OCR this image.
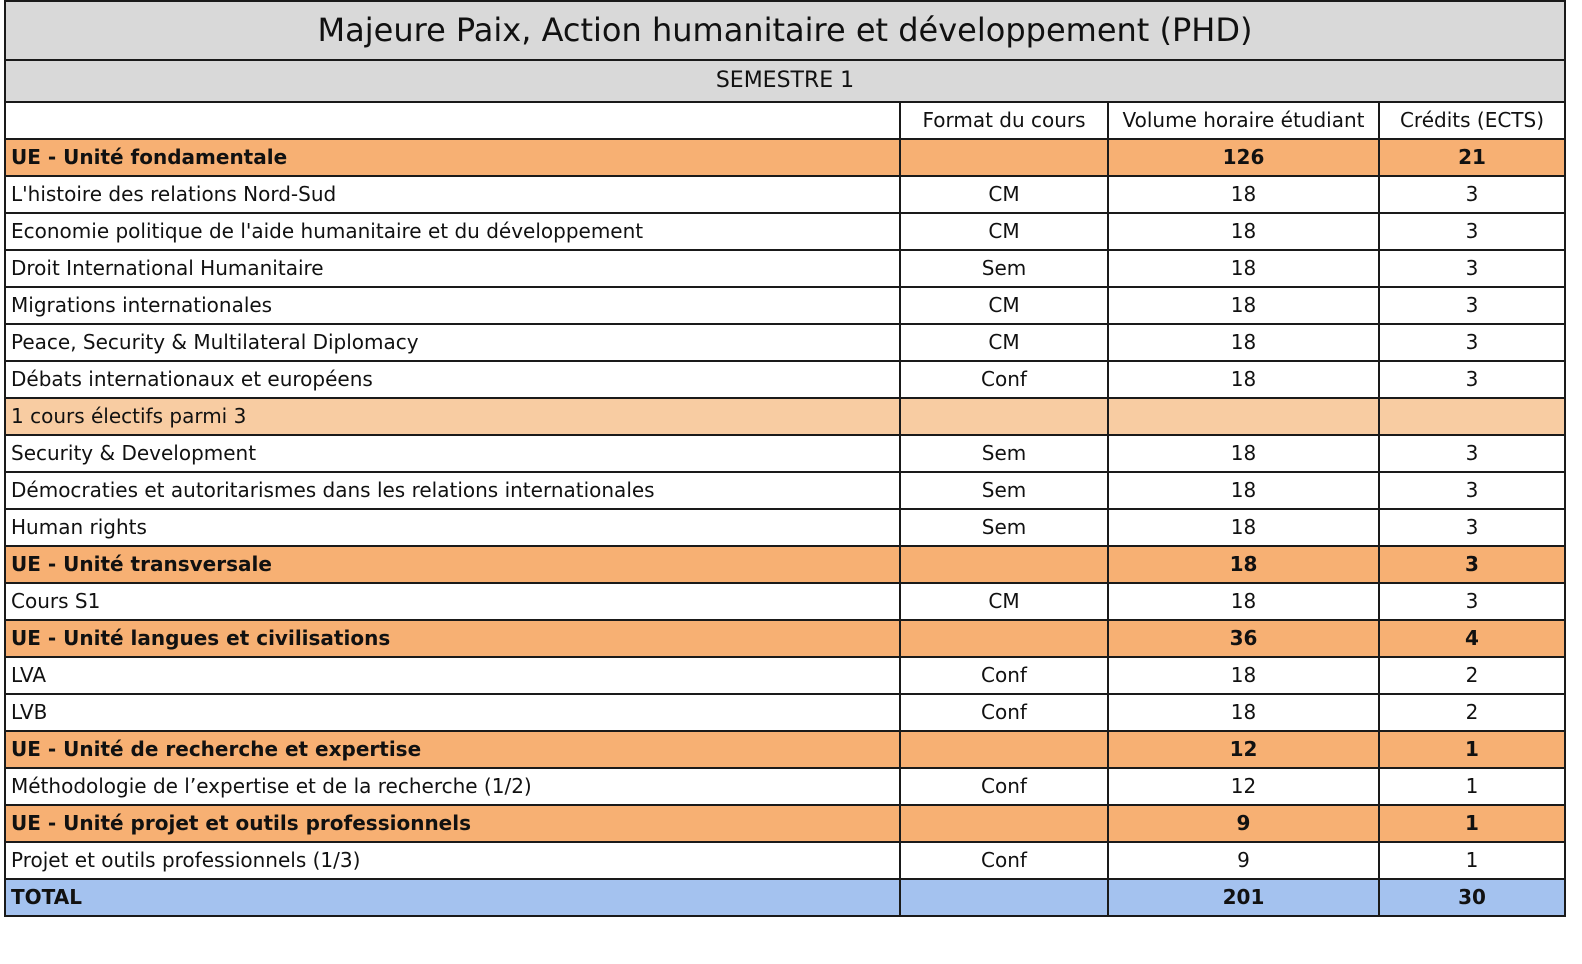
Majeure Paix, Action humanitaire et développement (PHD)			
SEMESTRE 1			
	Format du cours	Volume horaire étudiant	Crédits (ECTS)
UE - Unité fondamentale		126	21
L'histoire des relations Nord-Sud	CM	18	3
Economie politique de l'aide humanitaire et du développement	CM	18	3
Droit International Humanitaire	Sem	18	3
Migrations internationales	CM	18	3
Peace, Security & Multilateral Diplomacy	CM	18	3
Débats internationaux et européens	Conf	18	3
1 cours électifs parmi 3			
Security & Development	Sem	18	3
Démocraties et autoritarismes dans les relations internationales	Sem	18	3
Human rights	Sem	18	3
UE - Unité transversale		18	3
Cours S1	CM	18	3
UE - Unité langues et civilisations		36	4
LVA	Conf	18	2
LVB	Conf	18	2
UE - Unité de recherche et expertise		12	1
Méthodologie de l’expertise et de la recherche (1/2)	Conf	12	1
UE - Unité projet et outils professionnels		9	1
Projet et outils professionnels (1/3)	Conf	9	1
TOTAL		201	30
